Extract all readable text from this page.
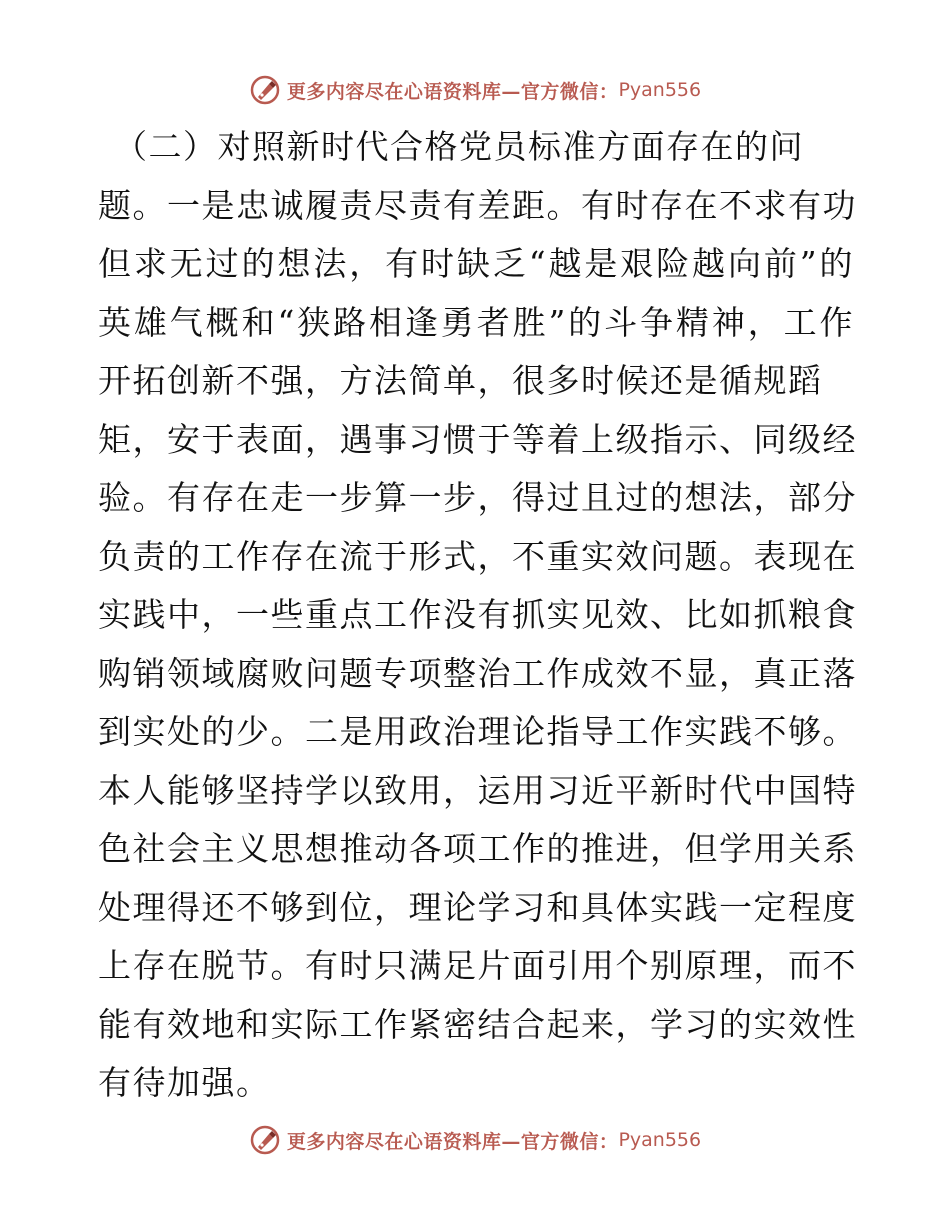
更多内容尽在心语资料库— 官方微信： Pyan556
（二）对照新时代合格党员标准方面存在的问
题。一是忠诚履责尽责有差距。有时存在不求有功
但求无过的想法，有时缺乏“越是艰险越向前”的
英雄气概和“狭路相逢勇者胜”的斗争精神，工作
开拓创新不强，方法简单，很多时候还是循规蹈
矩，安于表面，遇事习惯于等着上级指示、同级经
验。有存在走一步算一步，得过且过的想法，部分
负责的工作存在流于形式，不重实效问题。表现在
实践中，一些重点工作没有抓实见效、比如抓粮食
购销领域腐败问题专项整治工作成效不显，真正落
到实处的少。二是用政治理论指导工作实践不够。
本人能够坚持学以致用，运用习近平新时代中国特
色社会主义思想推动各项工作的推进，但学用关系
处理得还不够到位，理论学习和具体实践一定程度
上存在脱节。有时只满足片面引用个别原理，而不
能有效地和实际工作紧密结合起来，学习的实效性
有待加强。
更多内容尽在心语资料库— 官方微信： Pyan556
